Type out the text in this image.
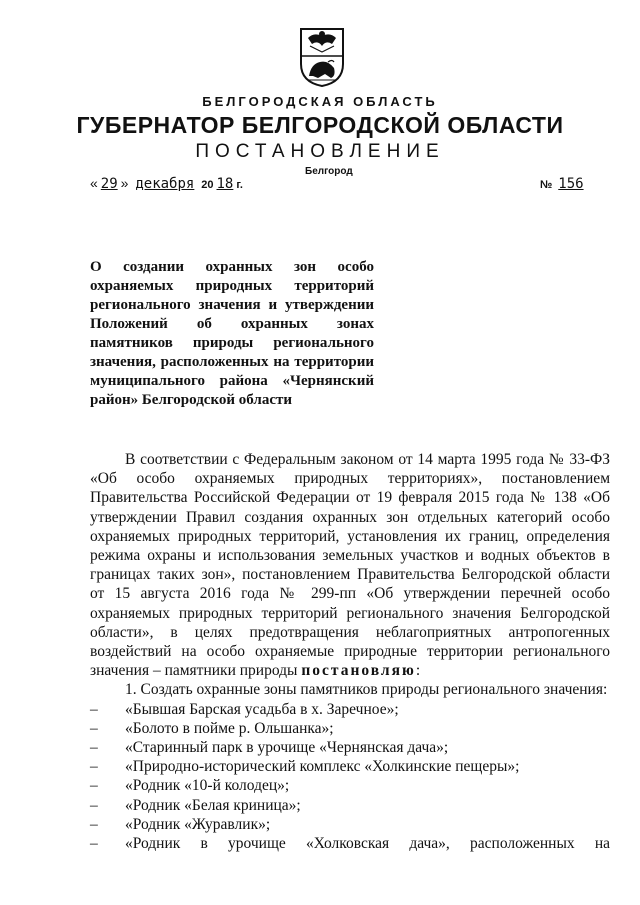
БЕЛГОРОДСКАЯ ОБЛАСТЬ
ГУБЕРНАТОР БЕЛГОРОДСКОЙ ОБЛАСТИ
ПОСТАНОВЛЕНИЕ
Белгород
« 29 » декабря 20 18 г.	№ 156
О создании охранных зон особо охраняемых природных территорий регионального значения и утверждении Положений об охранных зонах памятников природы регионального значения, расположенных на территории муниципального района «Чернянский район» Белгородской области

В соответствии с Федеральным законом от 14 марта 1995 года № 33-ФЗ «Об особо охраняемых природных территориях», постановлением Правительства Российской Федерации от 19 февраля 2015 года № 138 «Об утверждении Правил создания охранных зон отдельных категорий особо охраняемых природных территорий, установления их границ, определения режима охраны и использования земельных участков и водных объектов в границах таких зон», постановлением Правительства Белгородской области от 15 августа 2016 года № 299-пп «Об утверждении перечней особо охраняемых природных территорий регионального значения Белгородской области», в целях предотвращения неблагоприятных антропогенных воздействий на особо охраняемые природные территории регионального значения – памятники природы постановляю:

1. Создать охранные зоны памятников природы регионального значения:

– «Бывшая Барская усадьба в х. Заречное»;
– «Болото в пойме р. Ольшанка»;
– «Старинный парк в урочище «Чернянская дача»;
– «Природно-исторический комплекс «Холкинские пещеры»;
– «Родник «10-й колодец»;
– «Родник «Белая криница»;
– «Родник «Журавлик»;
– «Родник в урочище «Холковская дача», расположенных на
